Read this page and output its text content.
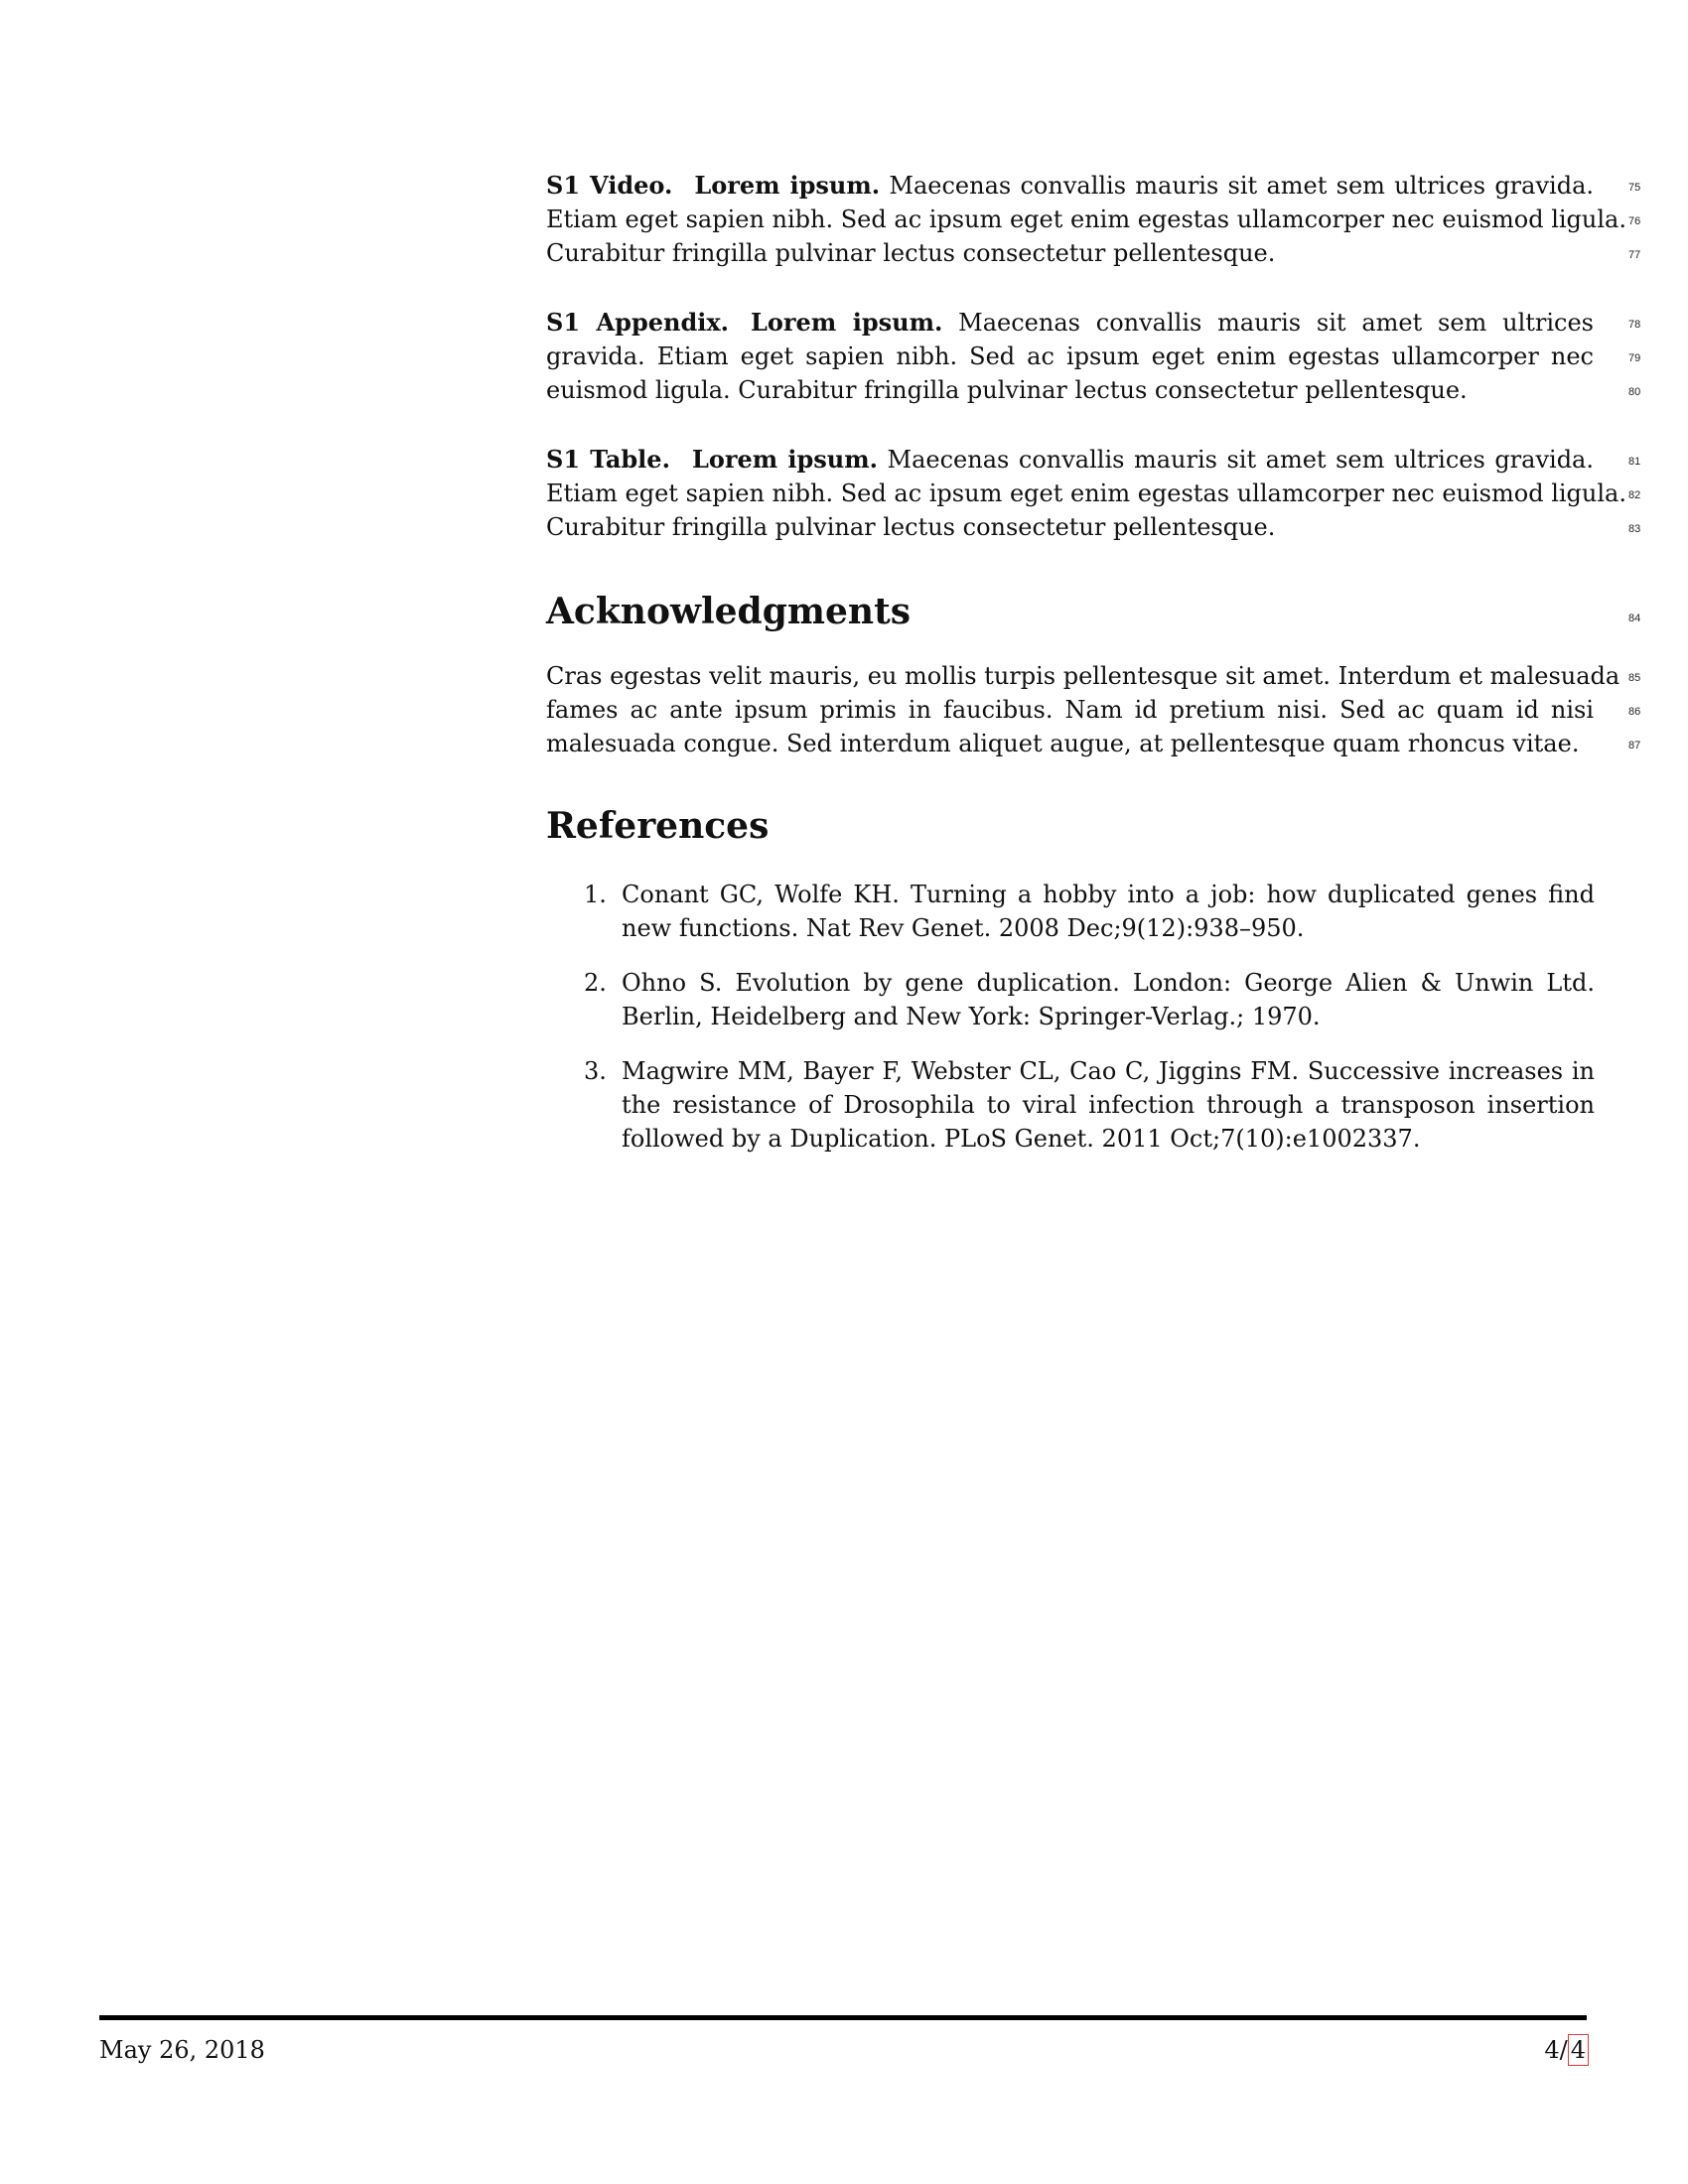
S1 Video. Lorem ipsum. Maecenas convallis mauris sit amet sem ultrices gravida.
Etiam eget sapien nibh. Sed ac ipsum eget enim egestas ullamcorper nec euismod ligula.
Curabitur fringilla pulvinar lectus consectetur pellentesque.
75
76
77
S1 Appendix. Lorem ipsum. Maecenas convallis mauris sit amet sem ultrices
gravida. Etiam eget sapien nibh. Sed ac ipsum eget enim egestas ullamcorper nec
euismod ligula. Curabitur fringilla pulvinar lectus consectetur pellentesque.
78
79
80
S1 Table. Lorem ipsum. Maecenas convallis mauris sit amet sem ultrices gravida.
Etiam eget sapien nibh. Sed ac ipsum eget enim egestas ullamcorper nec euismod ligula.
Curabitur fringilla pulvinar lectus consectetur pellentesque.
81
82
83
Acknowledgments	84
Cras egestas velit mauris, eu mollis turpis pellentesque sit amet. Interdum et malesuada
fames ac ante ipsum primis in faucibus. Nam id pretium nisi. Sed ac quam id nisi
malesuada congue. Sed interdum aliquet augue, at pellentesque quam rhoncus vitae.
85
86
87
References
1. Conant GC, Wolfe KH. Turning a hobby into a job: how duplicated genes find
new functions. Nat Rev Genet. 2008 Dec;9(12):938–950.
2. Ohno S. Evolution by gene duplication. London: George Alien & Unwin Ltd.
Berlin, Heidelberg and New York: Springer-Verlag.; 1970.
3. Magwire MM, Bayer F, Webster CL, Cao C, Jiggins FM. Successive increases in
the resistance of Drosophila to viral infection through a transposon insertion
followed by a Duplication. PLoS Genet. 2011 Oct;7(10):e1002337.
May 26, 2018	4/ 4
